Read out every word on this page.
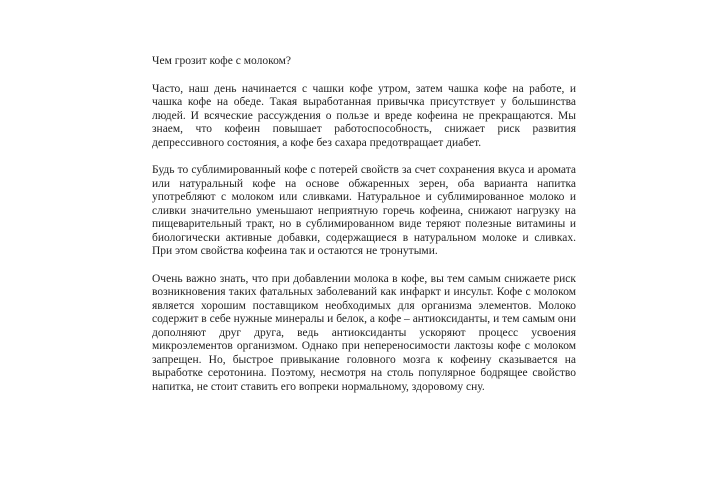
Чем грозит кофе с молоком?

Часто, наш день начинается с чашки кофе утром, затем чашка кофе на работе, и чашка кофе на обеде. Такая выработанная привычка присутствует у большинства людей. И всяческие рассуждения о пользе и вреде кофеина не прекращаются. Мы знаем, что кофеин повышает работоспособность, снижает риск развития депрессивного состояния, а кофе без сахара предотвращает диабет.

Будь то сублимированный кофе с потерей свойств за счет сохранения вкуса и аромата или натуральный кофе на основе обжаренных зерен, оба варианта напитка употребляют с молоком или сливками. Натуральное и сублимированное молоко и сливки значительно уменьшают неприятную горечь кофеина, снижают нагрузку на пищеварительный тракт, но в сублимированном виде теряют полезные витамины и биологически активные добавки, содержащиеся в натуральном молоке и сливках. При этом свойства кофеина так и остаются не тронутыми.

Очень важно знать, что при добавлении молока в кофе, вы тем самым снижаете риск возникновения таких фатальных заболеваний как инфаркт и инсульт. Кофе с молоком является хорошим поставщиком необходимых для организма элементов. Молоко содержит в себе нужные минералы и белок, а кофе – антиоксиданты, и тем самым они дополняют друг друга, ведь антиоксиданты ускоряют процесс усвоения микроэлементов организмом. Однако при непереносимости лактозы кофе с молоком запрещен. Но, быстрое привыкание головного мозга к кофеину сказывается на выработке серотонина. Поэтому, несмотря на столь популярное бодрящее свойство напитка, не стоит ставить его вопреки нормальному, здоровому сну.
